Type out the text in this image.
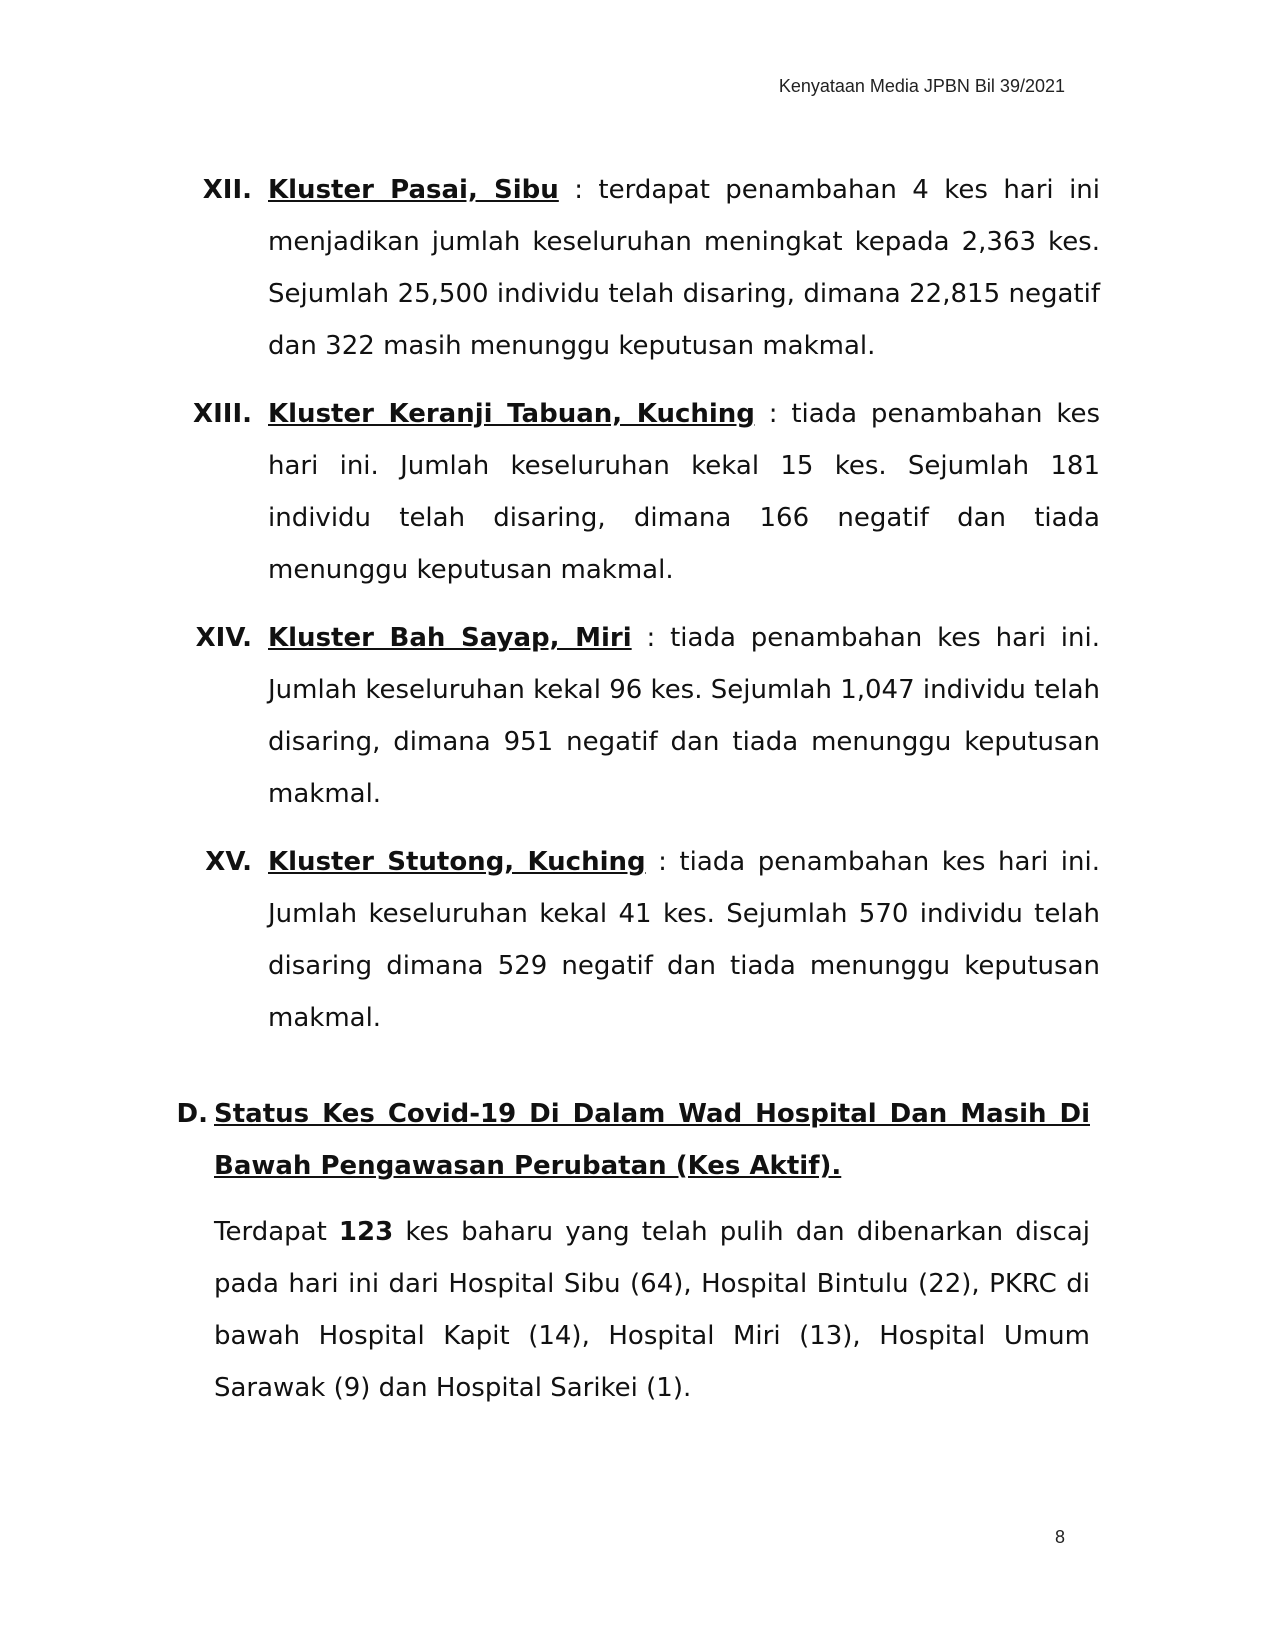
Kenyataan Media JPBN Bil 39/2021
XII. Kluster Pasai, Sibu : terdapat penambahan 4 kes hari ini menjadikan jumlah keseluruhan meningkat kepada 2,363 kes. Sejumlah 25,500 individu telah disaring, dimana 22,815 negatif dan 322 masih menunggu keputusan makmal.
XIII. Kluster Keranji Tabuan, Kuching : tiada penambahan kes hari ini. Jumlah keseluruhan kekal 15 kes. Sejumlah 181 individu telah disaring, dimana 166 negatif dan tiada menunggu keputusan makmal.
XIV. Kluster Bah Sayap, Miri : tiada penambahan kes hari ini. Jumlah keseluruhan kekal 96 kes. Sejumlah 1,047 individu telah disaring, dimana 951 negatif dan tiada menunggu keputusan makmal.
XV. Kluster Stutong, Kuching : tiada penambahan kes hari ini. Jumlah keseluruhan kekal 41 kes. Sejumlah 570 individu telah disaring dimana 529 negatif dan tiada menunggu keputusan makmal.
D. Status Kes Covid-19 Di Dalam Wad Hospital Dan Masih Di Bawah Pengawasan Perubatan (Kes Aktif).
Terdapat 123 kes baharu yang telah pulih dan dibenarkan discaj pada hari ini dari Hospital Sibu (64), Hospital Bintulu (22), PKRC di bawah Hospital Kapit (14), Hospital Miri (13), Hospital Umum Sarawak (9) dan Hospital Sarikei (1).
8
